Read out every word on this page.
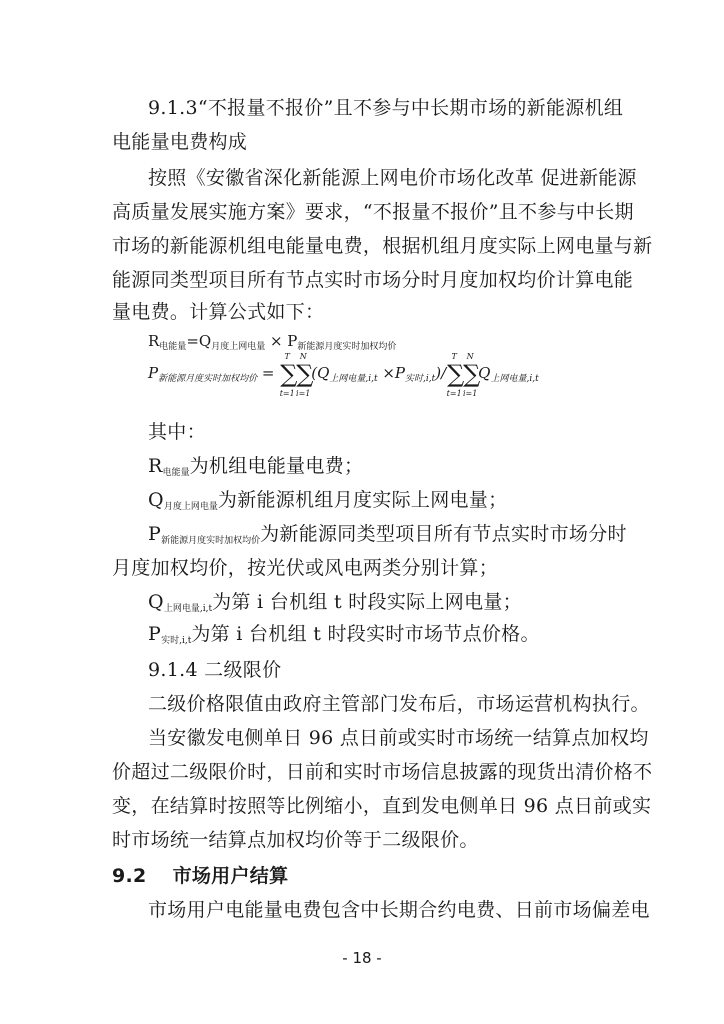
9.1.3“不报量不报价”且不参与中长期市场的新能源机组
电能量电费构成
按照《安徽省深化新能源上网电价市场化改革 促进新能源
高质量发展实施方案》要求，“不报量不报价”且不参与中长期
市场的新能源机组电能量电费，根据机组月度实际上网电量与新
能源同类型项目所有节点实时市场分时月度加权均价计算电能
量电费。计算公式如下：
$R_{电能量}=Q_{月度上网电量} \times P_{新能源月度实时加权均价}$
$P_{新能源月度实时加权均价}$ = ∑
T
t=1
∑
N
i=1
$(Q_{上网电量,i,t} \times P_{实时,i,t})/\sum$
T
t=1
∑
N
i=1
$Q_{上网电量,i,t}$
其中：
$R_{电能量}$为机组电能量电费；
$Q_{月度上网电量}$为新能源机组月度实际上网电量；
$P_{新能源月度实时加权均价}$为新能源同类型项目所有节点实时市场分时
月度加权均价，按光伏或风电两类分别计算；
$Q_{上网电量,i,t}$为第 i 台机组 t 时段实际上网电量；
$P_{实时,i,t}$为第 i 台机组 t 时段实时市场节点价格。
9.1.4 二级限价
二级价格限值由政府主管部门发布后，市场运营机构执行。
当安徽发电侧单日 96 点日前或实时市场统一结算点加权均
价超过二级限价时，日前和实时市场信息披露的现货出清价格不
变，在结算时按照等比例缩小，直到发电侧单日 96 点日前或实
时市场统一结算点加权均价等于二级限价。
9.2 市场用户结算
市场用户电能量电费包含中长期合约电费、日前市场偏差电
- 18 -
